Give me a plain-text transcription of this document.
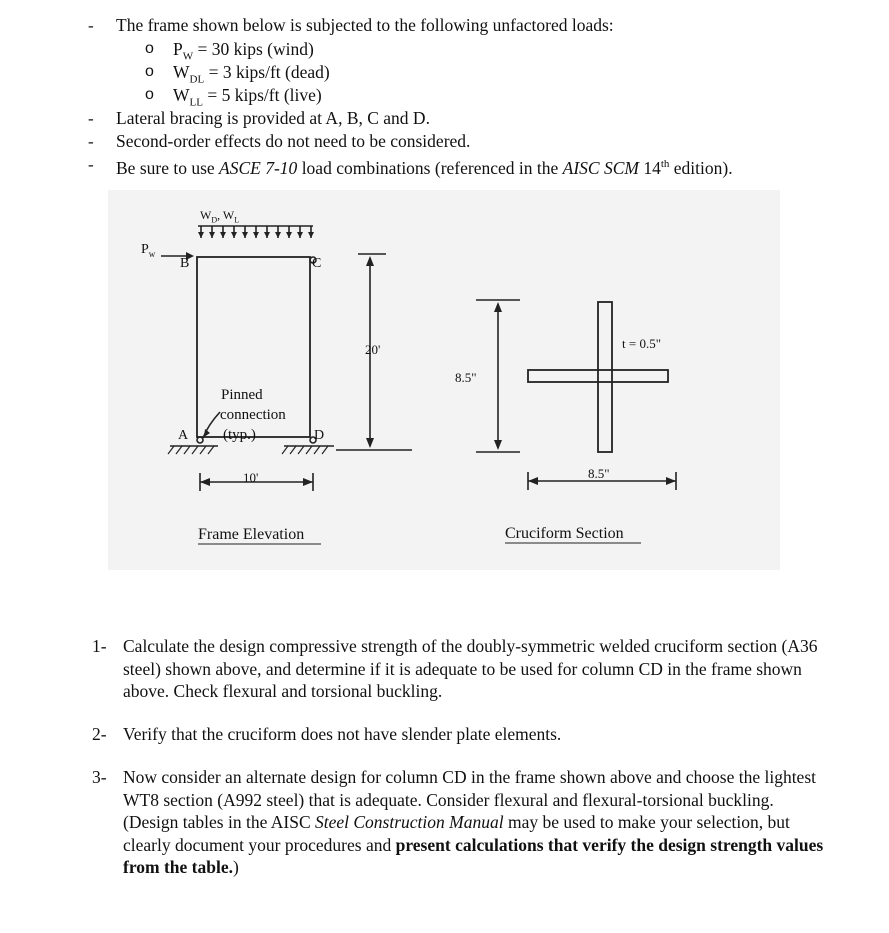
- The frame shown below is subjected to the following unfactored loads:
o $P_W = 30$ kips (wind)
o $W_{DL} = 3$ kips/ft (dead)
o $W_{LL} = 5$ kips/ft (live)
- Lateral bracing is provided at A, B, C and D.
- Second-order effects do not need to be considered.
- Be sure to use ASCE 7-10 load combinations (referenced in the AISC SCM 14th edition).
$W_D$, $W_L$
$P_w$
B	C
A	D
Pinned
connection
(typ.)
20'
10'
Frame Elevation
8.5"
8.5"
t = 0.5"
Cruciform Section
1- Calculate the design compressive strength of the doubly-symmetric welded cruciform section (A36 steel) shown above, and determine if it is adequate to be used for column CD in the frame shown above. Check flexural and torsional buckling.
2- Verify that the cruciform does not have slender plate elements.
3- Now consider an alternate design for column CD in the frame shown above and choose the lightest WT8 section (A992 steel) that is adequate. Consider flexural and flexural-torsional buckling. (Design tables in the AISC Steel Construction Manual may be used to make your selection, but clearly document your procedures and present calculations that verify the design strength values from the table.)
